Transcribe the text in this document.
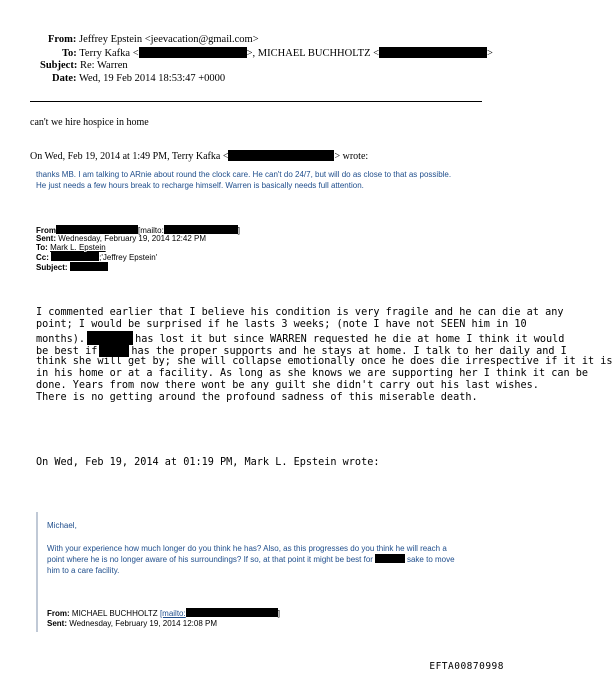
From: Jeffrey Epstein <jeevacation@gmail.com>
To: Terry Kafka <	>, MICHAEL BUCHHOLTZ <	>
Subject: Re: Warren
Date: Wed, 19 Feb 2014 18:53:47 +0000
can't we hire hospice in home
On Wed, Feb 19, 2014 at 1:49 PM, Terry Kafka <	> wrote:
thanks MB. I am talking to ARnie about round the clock care. He can't do 24/7, but will do as close to that as possible.
He just needs a few hours break to recharge himself. Warren is basically needs full attention.
From	[mailto:	]
Sent: Wednesday, February 19, 2014 12:42 PM
To: Mark L. Epstein
Cc:	;'Jeffrey Epstein'
Subject:
I commented earlier that I believe his condition is very fragile and he can die at any
point; I would be surprised if he lasts 3 weeks; (note I have not SEEN him in 10
months).	has lost it but since WARREN requested he die at home I think it would
be best if	has the proper supports and he stays at home. I talk to her daily and I
think she will get by; she will collapse emotionally once he does die irrespective if it it is
in his home or at a facility. As long as she knows we are supporting her I think it can be
done. Years from now there wont be any guilt she didn't carry out his last wishes.
There is no getting around the profound sadness of this miserable death.
On Wed, Feb 19, 2014 at 01:19 PM, Mark L. Epstein wrote:
Michael,
With your experience how much longer do you think he has? Also, as this progresses do you think he will reach a
point where he is no longer aware of his surroundings? If so, at that point it might be best for	sake to move
him to a care facility.
From: MICHAEL BUCHHOLTZ [mailto:	]
Sent: Wednesday, February 19, 2014 12:08 PM
EFTA00870998
